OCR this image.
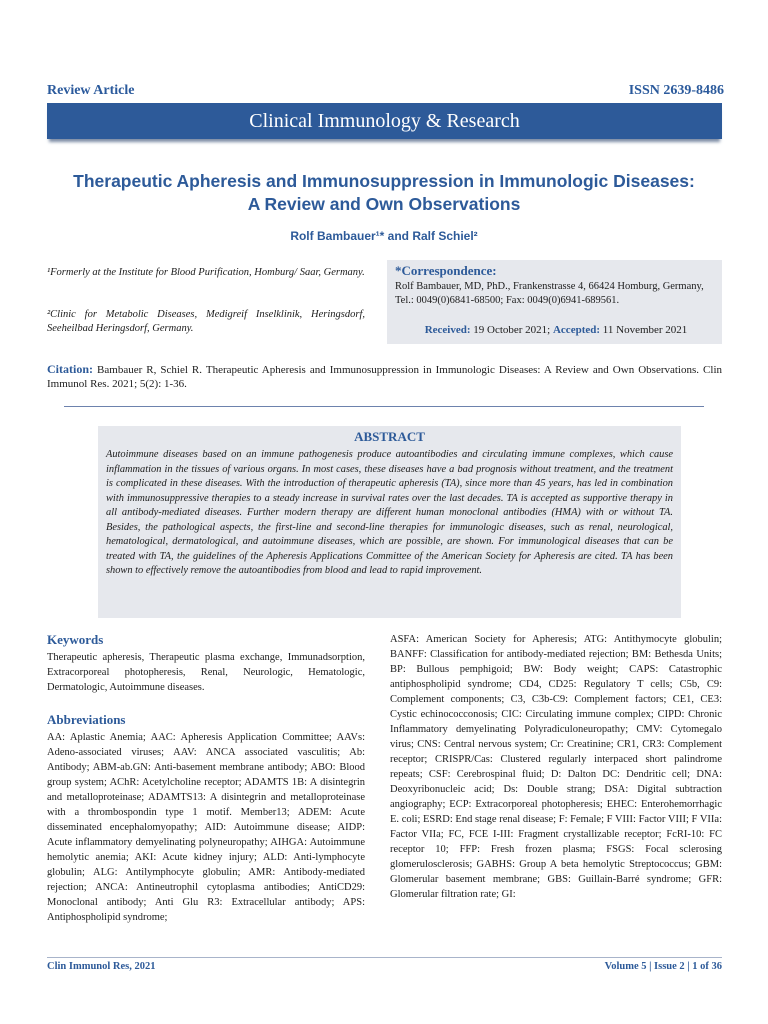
Review Article	ISSN 2639-8486
Clinical Immunology & Research
Therapeutic Apheresis and Immunosuppression in Immunologic Diseases:
A Review and Own Observations
Rolf Bambauer¹* and Ralf Schiel²
¹Formerly at the Institute for Blood Purification, Homburg/ Saar, Germany.
²Clinic for Metabolic Diseases, Medigreif Inselklinik, Heringsdorf, Seeheilbad Heringsdorf, Germany.
*Correspondence:
Rolf Bambauer, MD, PhD., Frankenstrasse 4, 66424 Homburg, Germany, Tel.: 0049(0)6841-68500; Fax: 0049(0)6941-689561.
Received: 19 October 2021; Accepted: 11 November 2021
Citation: Bambauer R, Schiel R. Therapeutic Apheresis and Immunosuppression in Immunologic Diseases: A Review and Own Observations. Clin Immunol Res. 2021; 5(2): 1-36.
ABSTRACT
Autoimmune diseases based on an immune pathogenesis produce autoantibodies and circulating immune complexes, which cause inflammation in the tissues of various organs. In most cases, these diseases have a bad prognosis without treatment, and the treatment is complicated in these diseases. With the introduction of therapeutic apheresis (TA), since more than 45 years, has led in combination with immunosuppressive therapies to a steady increase in survival rates over the last decades. TA is accepted as supportive therapy in all antibody-mediated diseases. Further modern therapy are different human monoclonal antibodies (HMA) with or without TA. Besides, the pathological aspects, the first-line and second-line therapies for immunologic diseases, such as renal, neurological, hematological, dermatological, and autoimmune diseases, which are possible, are shown. For immunological diseases that can be treated with TA, the guidelines of the Apheresis Applications Committee of the American Society for Apheresis are cited. TA has been shown to effectively remove the autoantibodies from blood and lead to rapid improvement.
Keywords
Therapeutic apheresis, Therapeutic plasma exchange, Immunadsorption, Extracorporeal photopheresis, Renal, Neurologic, Hematologic, Dermatologic, Autoimmune diseases.
Abbreviations
AA: Aplastic Anemia; AAC: Apheresis Application Committee; AAVs: Adeno-associated viruses; AAV: ANCA associated vasculitis; Ab: Antibody; ABM-ab.GN: Anti-basement membrane antibody; ABO: Blood group system; AChR: Acetylcholine receptor; ADAMTS 1B: A disintegrin and metalloproteinase; ADAMTS13: A disintegrin and metalloproteinase with a thrombospondin type 1 motif. Member13; ADEM: Acute disseminated encephalomyopathy; AID: Autoimmune disease; AIDP: Acute inflammatory demyelinating polyneuropathy; AIHGA: Autoimmune hemolytic anemia; AKI: Acute kidney injury; ALD: Anti-lymphocyte globulin; ALG: Antilymphocyte globulin; AMR: Antibody-mediated rejection; ANCA: Antineutrophil cytoplasma antibodies; AntiCD29: Monoclonal antibody; Anti Glu R3: Extracellular antibody; APS: Antiphospholipid syndrome;
ASFA: American Society for Apheresis; ATG: Antithymocyte globulin; BANFF: Classification for antibody-mediated rejection; BM: Bethesda Units; BP: Bullous pemphigoid; BW: Body weight; CAPS: Catastrophic antiphospholipid syndrome; CD4, CD25: Regulatory T cells; C5b, C9: Complement components; C3, C3b-C9: Complement factors; CE1, CE3: Cystic echinococconosis; CIC: Circulating immune complex; CIPD: Chronic Inflammatory demyelinating Polyradiculoneuropathy; CMV: Cytomegalo virus; CNS: Central nervous system; Cr: Creatinine; CR1, CR3: Complement receptor; CRISPR/Cas: Clustered regularly interpaced short palindrome repeats; CSF: Cerebrospinal fluid; D: Dalton DC: Dendritic cell; DNA: Deoxyribonucleic acid; Ds: Double strang; DSA: Digital subtraction angiography; ECP: Extracorporeal photopheresis; EHEC: Enterohemorrhagic E. coli; ESRD: End stage renal disease; F: Female; F VIII: Factor VIII; F VIIa: Factor VIIa; FC, FCE I-III: Fragment crystallizable receptor; FcRI-10: FC receptor 10; FFP: Fresh frozen plasma; FSGS: Focal sclerosing glomerulosclerosis; GABHS: Group A beta hemolytic Streptococcus; GBM: Glomerular basement membrane; GBS: Guillain-Barré syndrome; GFR: Glomerular filtration rate; GI:
Clin Immunol Res, 2021	Volume 5 | Issue 2 | 1 of 36
